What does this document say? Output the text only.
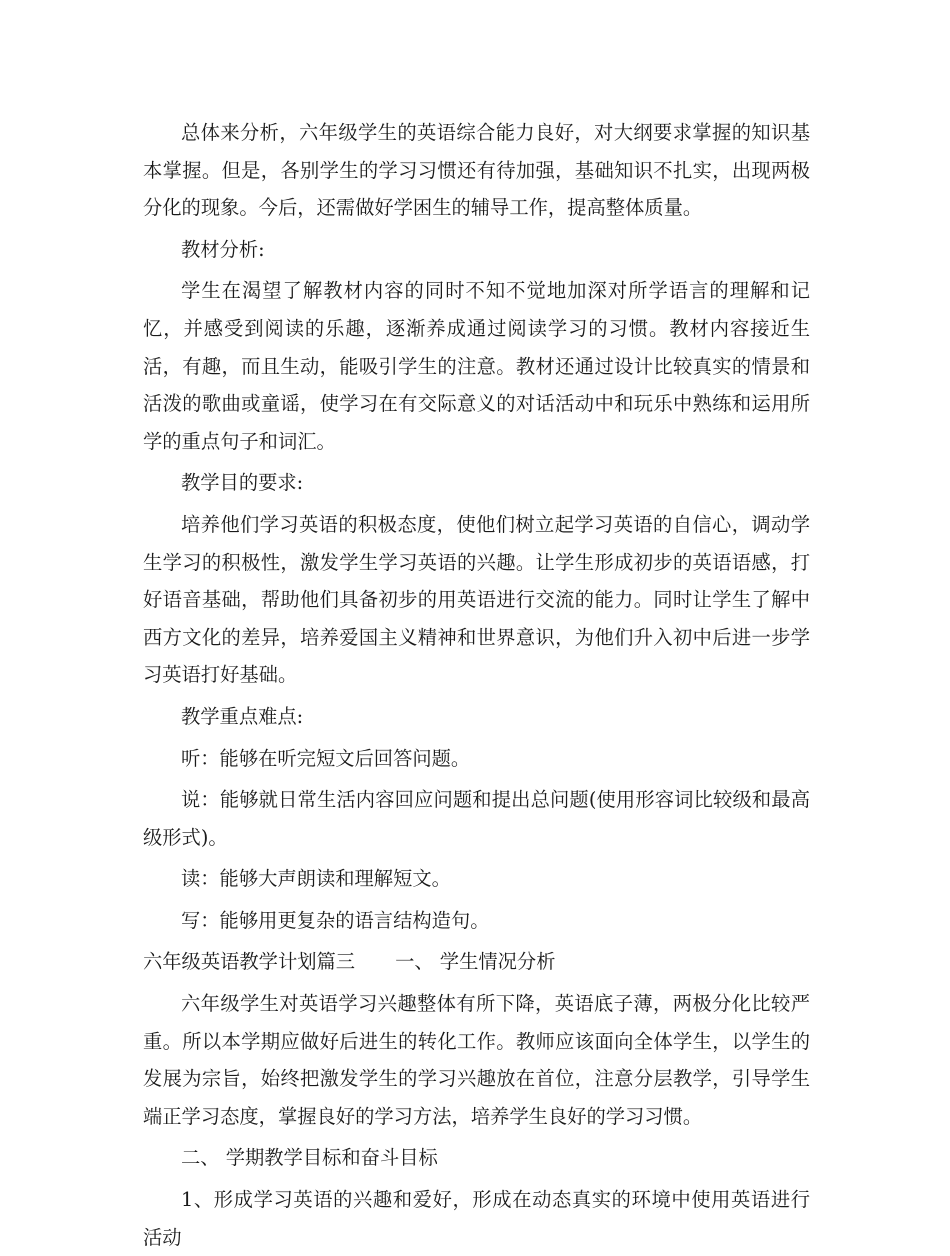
总体来分析，六年级学生的英语综合能力良好，对大纲要求掌握的知识基本掌握。但是，各别学生的学习习惯还有待加强，基础知识不扎实，出现两极分化的现象。今后，还需做好学困生的辅导工作，提高整体质量。

教材分析:

学生在渴望了解教材内容的同时不知不觉地加深对所学语言的理解和记忆，并感受到阅读的乐趣，逐渐养成通过阅读学习的习惯。教材内容接近生活，有趣，而且生动，能吸引学生的注意。教材还通过设计比较真实的情景和活泼的歌曲或童谣，使学习在有交际意义的对话活动中和玩乐中熟练和运用所学的重点句子和词汇。

教学目的要求:

培养他们学习英语的积极态度，使他们树立起学习英语的自信心，调动学生学习的积极性，激发学生学习英语的兴趣。让学生形成初步的英语语感，打好语音基础，帮助他们具备初步的用英语进行交流的能力。同时让学生了解中西方文化的差异，培养爱国主义精神和世界意识，为他们升入初中后进一步学习英语打好基础。

教学重点难点:

听：能够在听完短文后回答问题。

说：能够就日常生活内容回应问题和提出总问题(使用形容词比较级和最高级形式)。

读：能够大声朗读和理解短文。

写：能够用更复杂的语言结构造句。

六年级英语教学计划篇三 一、 学生情况分析

六年级学生对英语学习兴趣整体有所下降，英语底子薄，两极分化比较严重。所以本学期应做好后进生的转化工作。教师应该面向全体学生，以学生的发展为宗旨，始终把激发学生的学习兴趣放在首位，注意分层教学，引导学生端正学习态度，掌握良好的学习方法，培养学生良好的学习习惯。

二、 学期教学目标和奋斗目标

1、形成学习英语的兴趣和爱好，形成在动态真实的环境中使用英语进行活动
